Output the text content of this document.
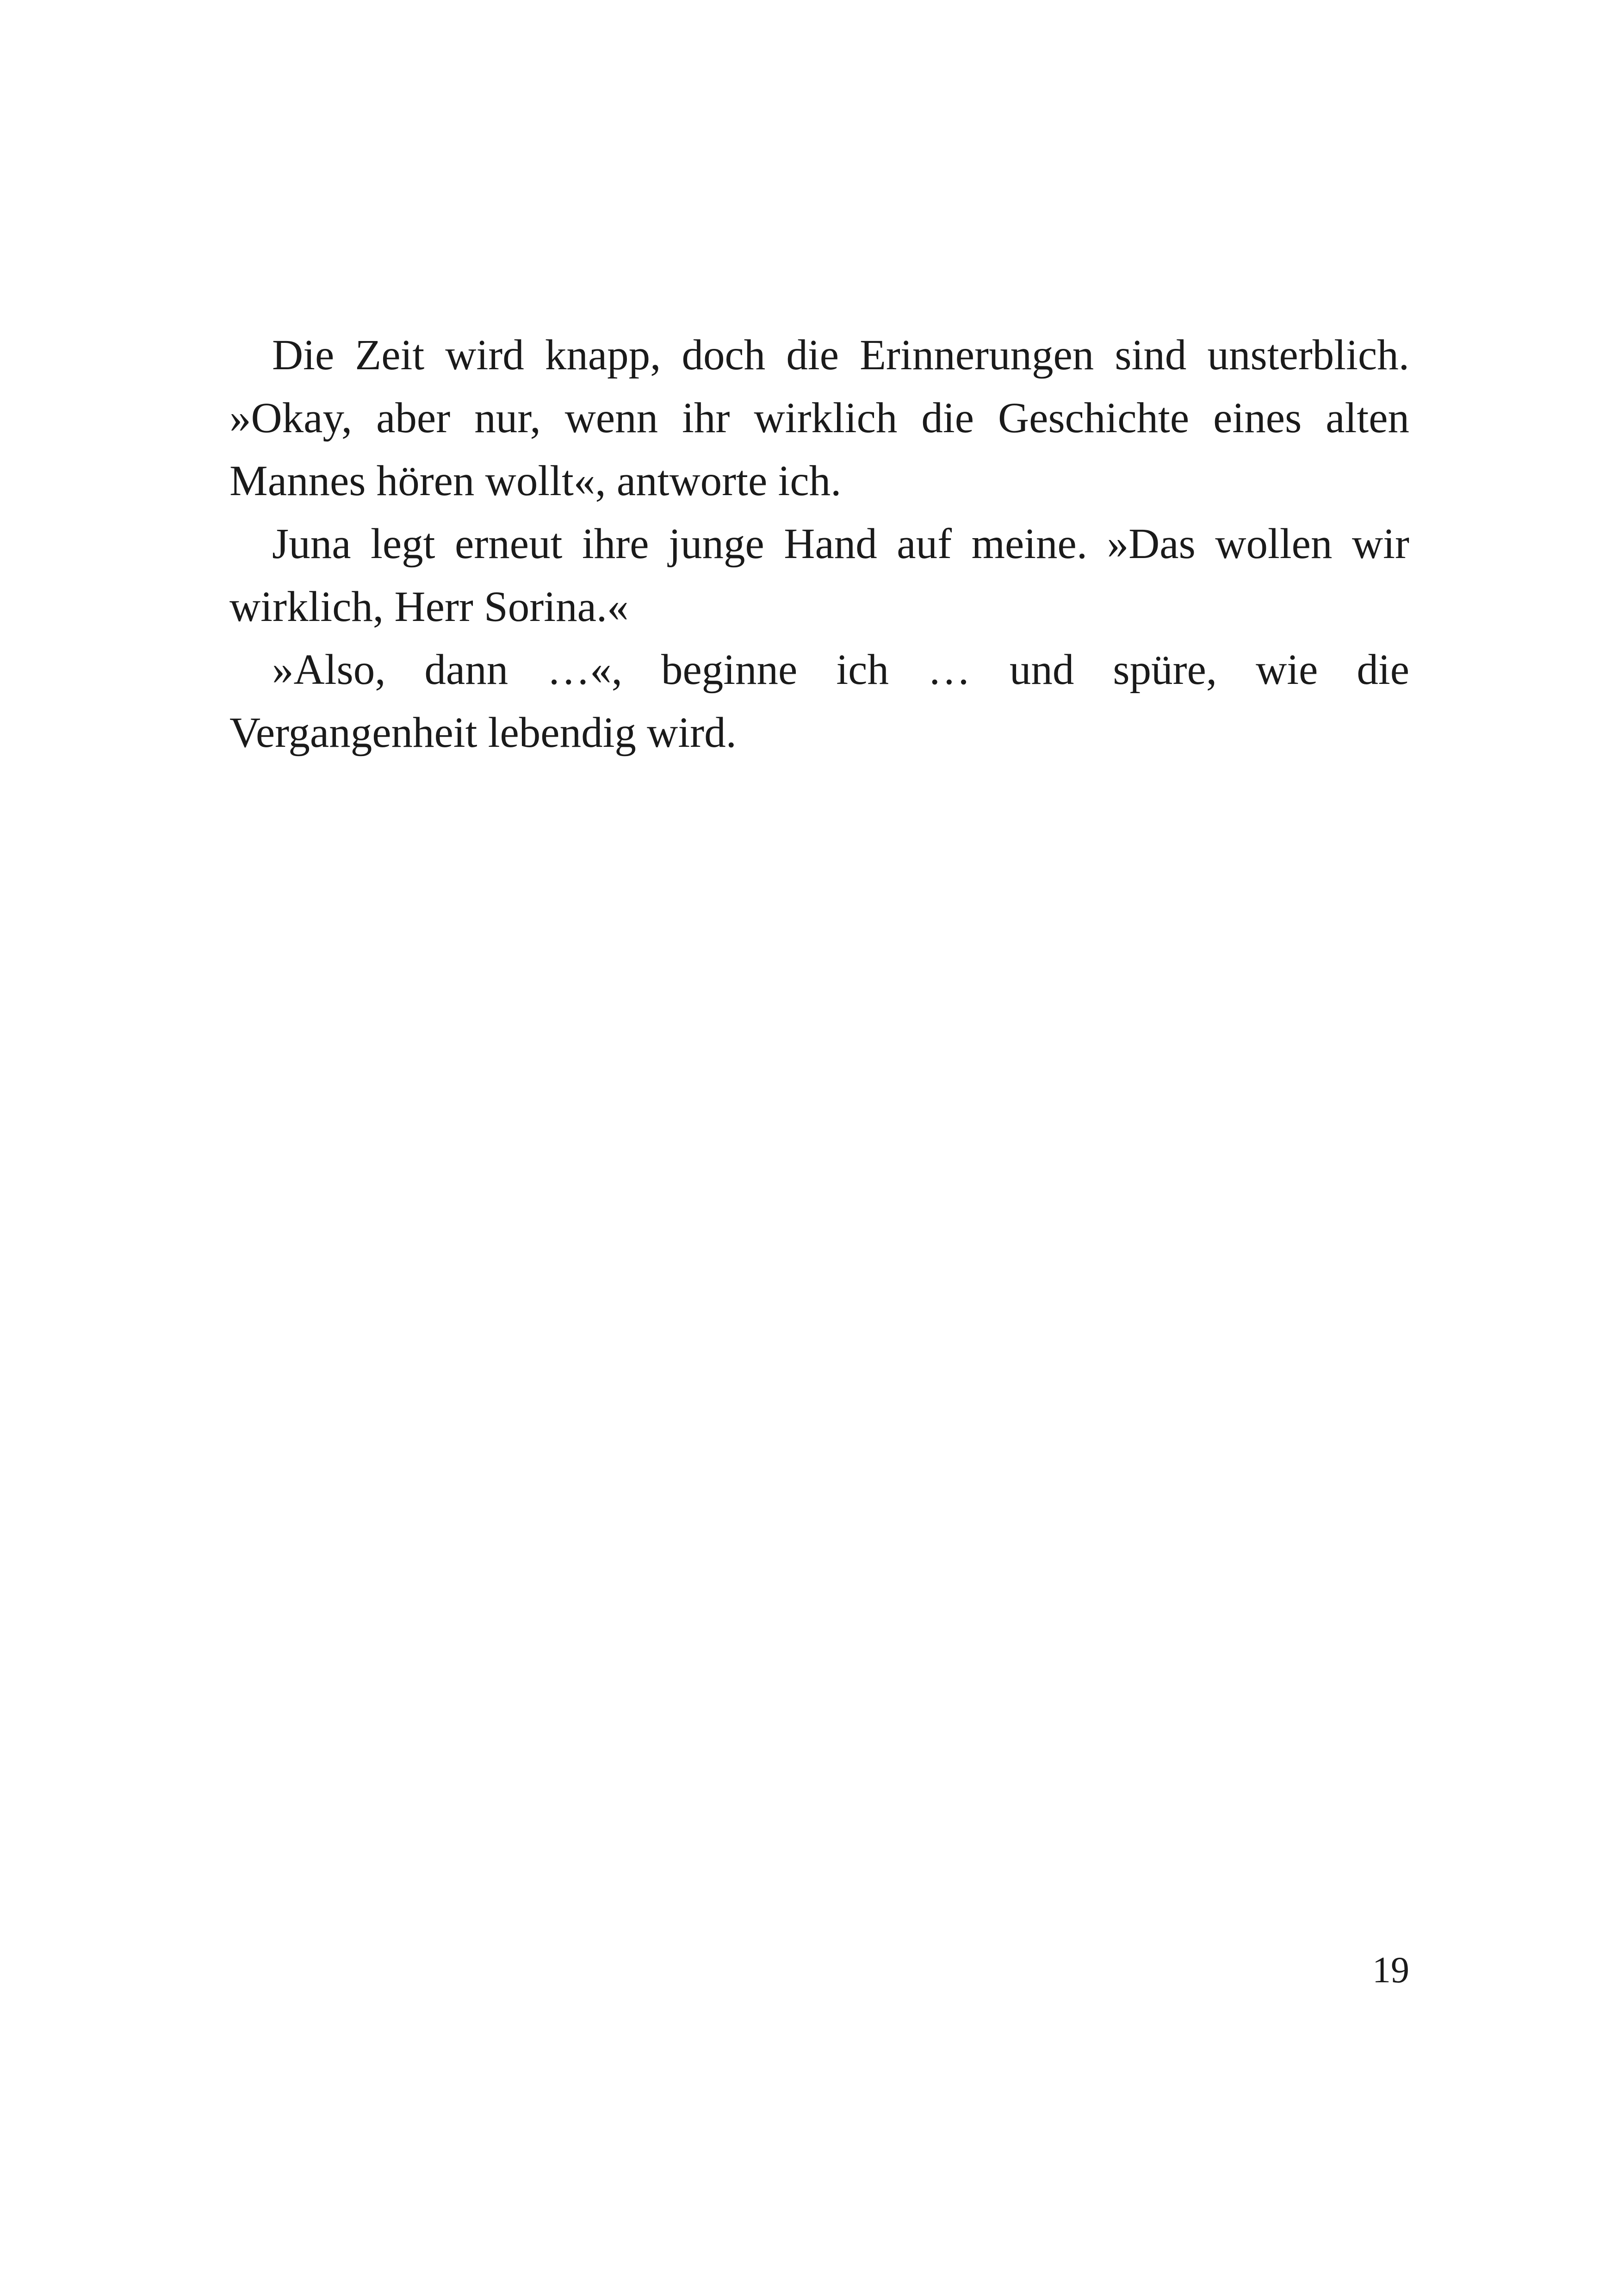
Die Zeit wird knapp, doch die Erinnerungen sind unsterblich. »Okay, aber nur, wenn ihr wirklich die Geschichte eines alten Mannes hören wollt«, antworte ich.

Juna legt erneut ihre junge Hand auf meine. »Das wollen wir wirklich, Herr Sorina.«

»Also, dann …«, beginne ich … und spüre, wie die Vergangenheit lebendig wird.

19
